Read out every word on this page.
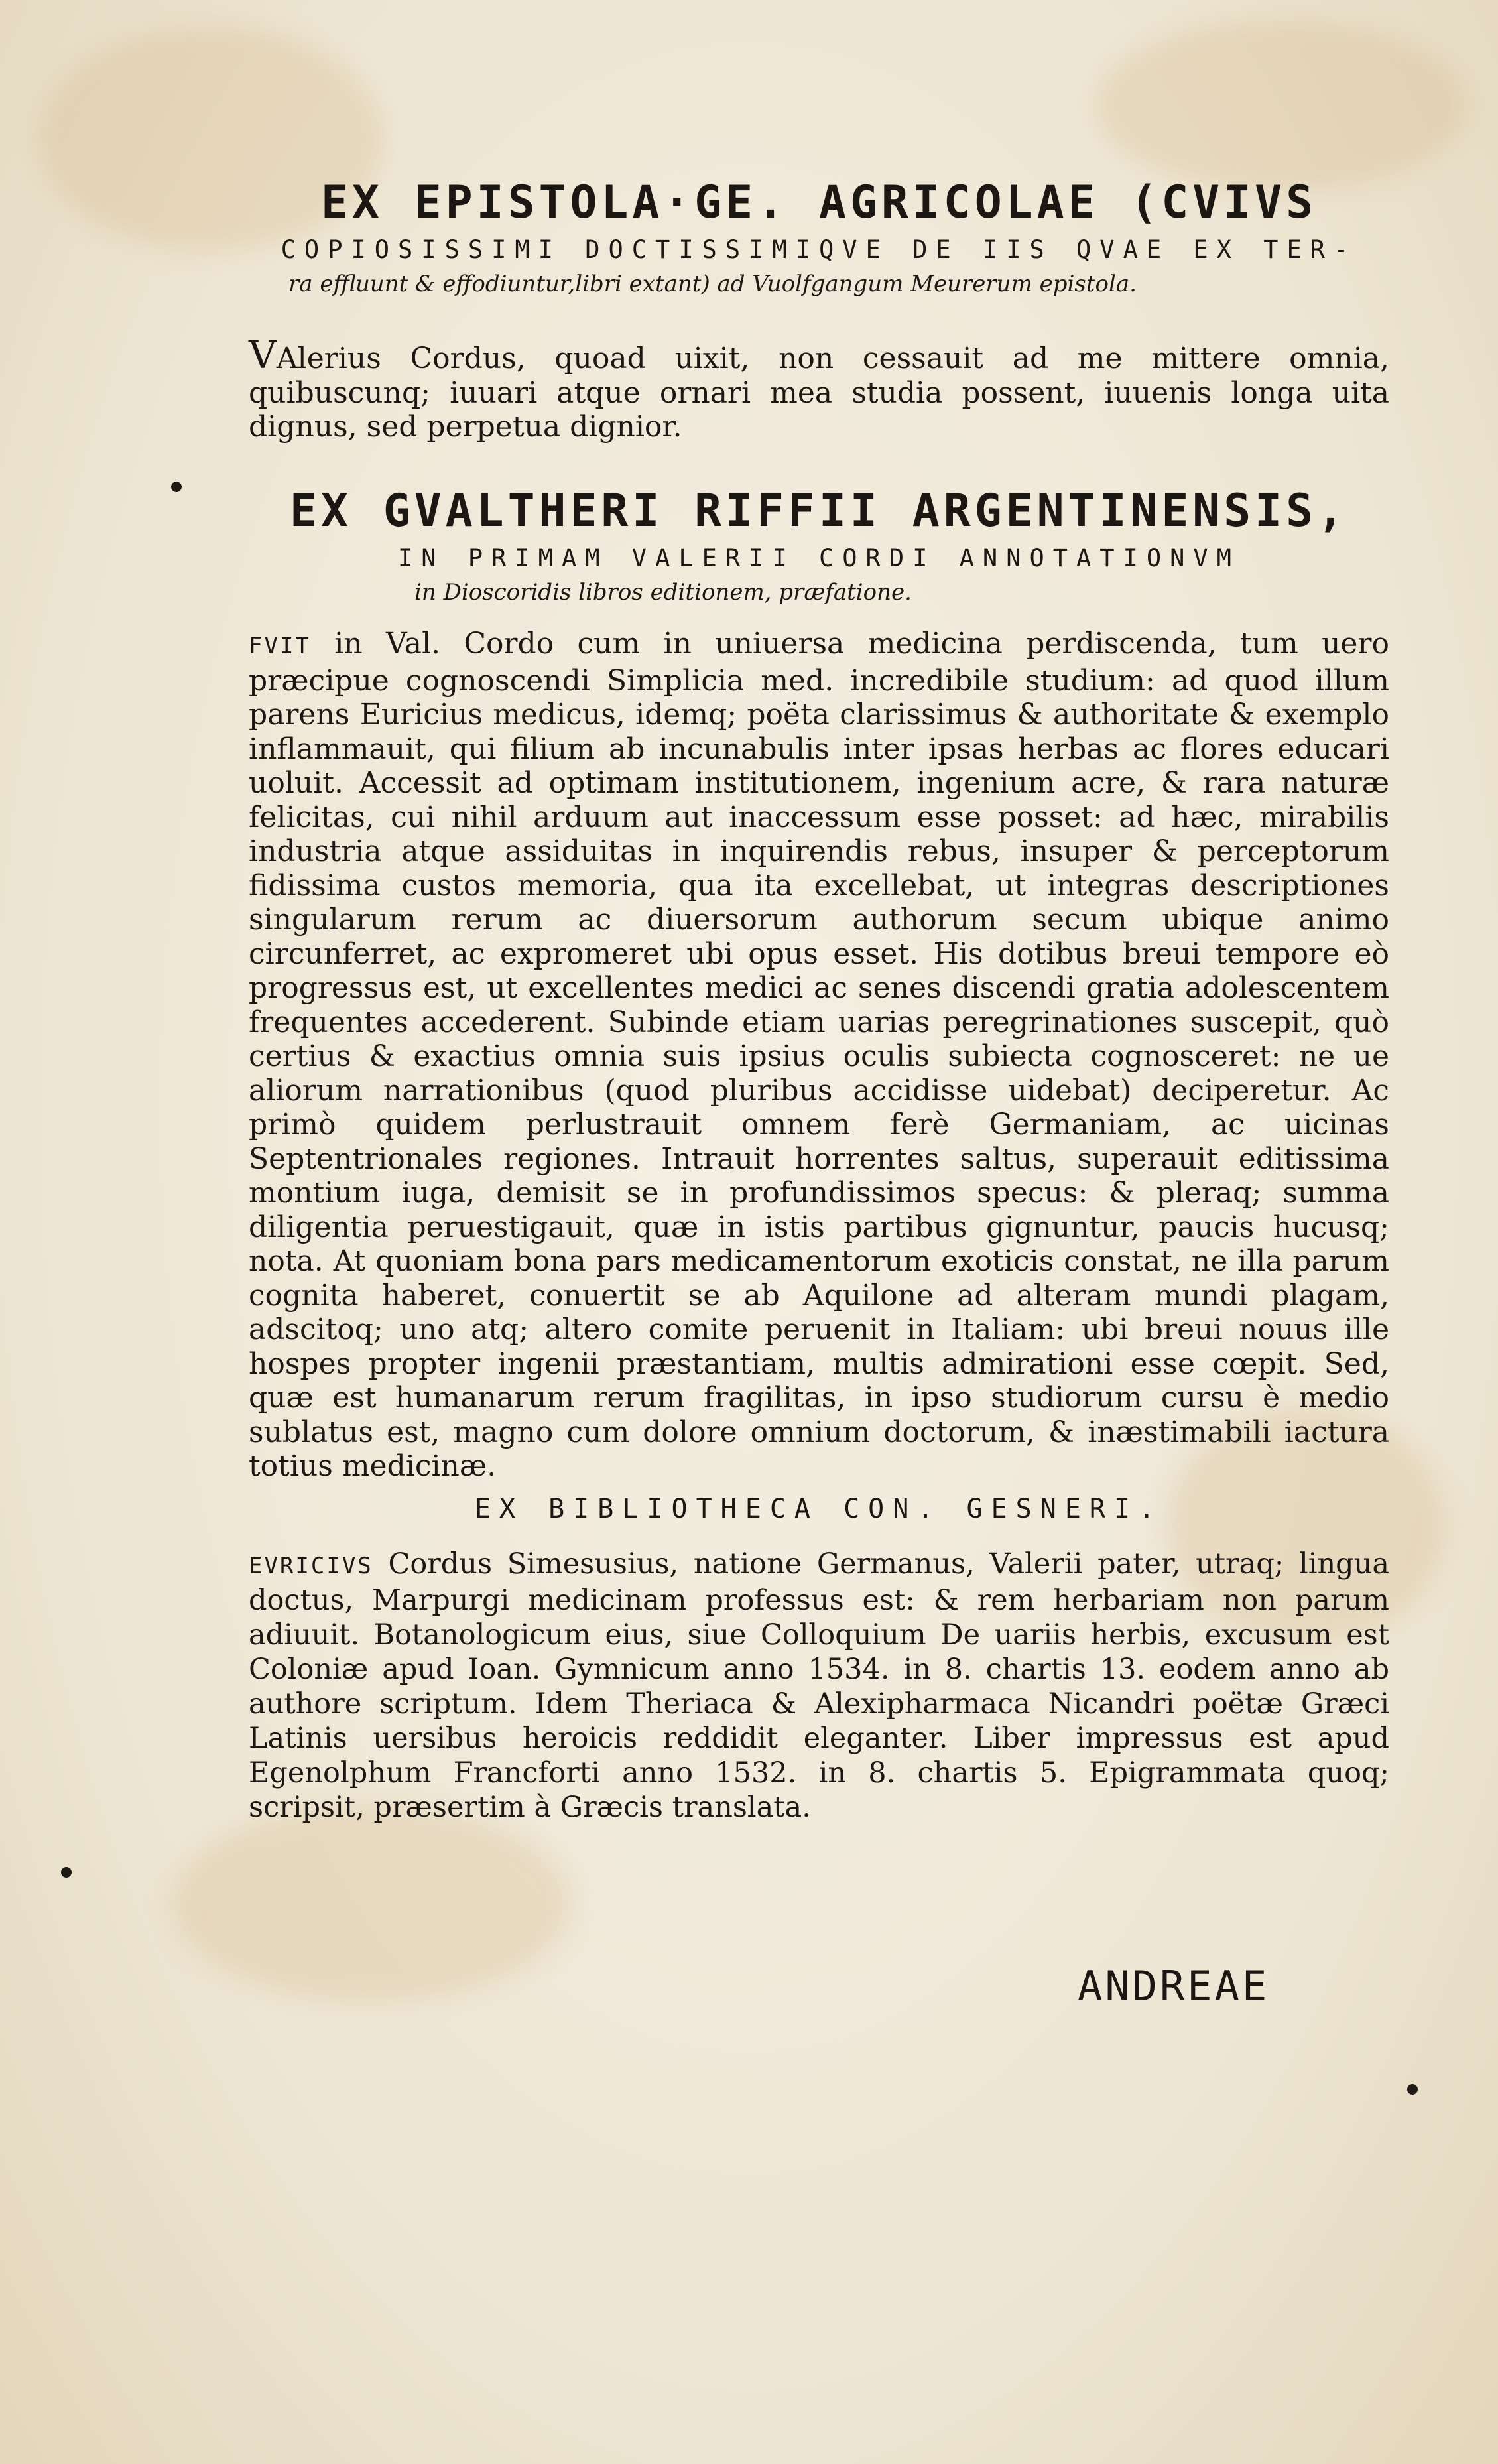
EX EPISTOLA·GE. AGRICOLAE (CVIVS
COPIOSISSIMI DOCTISSIMIQVE DE IIS QVAE EX TER-
ra effluunt & effodiuntur,libri extant) ad Vuolfgangum Meurerum epistola.

VAlerius Cordus, quoad uixit, non cessauit ad me mittere omnia, quibuscunq; iuuari atque ornari mea studia possent, iuuenis longa uita dignus, sed perpetua dignior.

EX GVALTHERI RIFFII ARGENTINENSIS,
IN PRIMAM VALERII CORDI ANNOTATIONVM
in Dioscoridis libros editionem, præfatione.

FVIT in Val. Cordo cum in uniuersa medicina perdiscenda, tum uero præcipue cognoscendi Simplicia med. incredibile studium: ad quod illum parens Euricius medicus, idemq; poëta clarissimus & authoritate & exemplo inflammauit, qui filium ab incunabulis inter ipsas herbas ac flores educari uoluit. Accessit ad optimam institutionem, ingenium acre, & rara naturæ felicitas, cui nihil arduum aut inaccessum esse posset: ad hæc, mirabilis industria atque assiduitas in inquirendis rebus, insuper & perceptorum fidissima custos memoria, qua ita excellebat, ut integras descriptiones singularum rerum ac diuersorum authorum secum ubique animo circunferret, ac expromeret ubi opus esset. His dotibus breui tempore eò progressus est, ut excellentes medici ac senes discendi gratia adolescentem frequentes accederent. Subinde etiam uarias peregrinationes suscepit, quò certius & exactius omnia suis ipsius oculis subiecta cognosceret: ne ue aliorum narrationibus (quod pluribus accidisse uidebat) deciperetur. Ac primò quidem perlustrauit omnem ferè Germaniam, ac uicinas Septentrionales regiones. Intrauit horrentes saltus, superauit editissima montium iuga, demisit se in profundissimos specus: & pleraq; summa diligentia peruestigauit, quæ in istis partibus gignuntur, paucis hucusq; nota. At quoniam bona pars medicamentorum exoticis constat, ne illa parum cognita haberet, conuertit se ab Aquilone ad alteram mundi plagam, adscitoq; uno atq; altero comite peruenit in Italiam: ubi breui nouus ille hospes propter ingenii præstantiam, multis admirationi esse cœpit. Sed, quæ est humanarum rerum fragilitas, in ipso studiorum cursu è medio sublatus est, magno cum dolore omnium doctorum, & inæstimabili iactura totius medicinæ.

EX BIBLIOTHECA CON. GESNERI.

EVRICIVS Cordus Simesusius, natione Germanus, Valerii pater, utraq; lingua doctus, Marpurgi medicinam professus est: & rem herbariam non parum adiuuit. Botanologicum eius, siue Colloquium De uariis herbis, excusum est Coloniæ apud Ioan. Gymnicum anno 1534. in 8. chartis 13. eodem anno ab authore scriptum. Idem Theriaca & Alexipharmaca Nicandri poëtæ Græci Latinis uersibus heroicis reddidit eleganter. Liber impressus est apud Egenolphum Francforti anno 1532. in 8. chartis 5. Epigrammata quoq; scripsit, præsertim à Græcis translata.

ANDREAE
